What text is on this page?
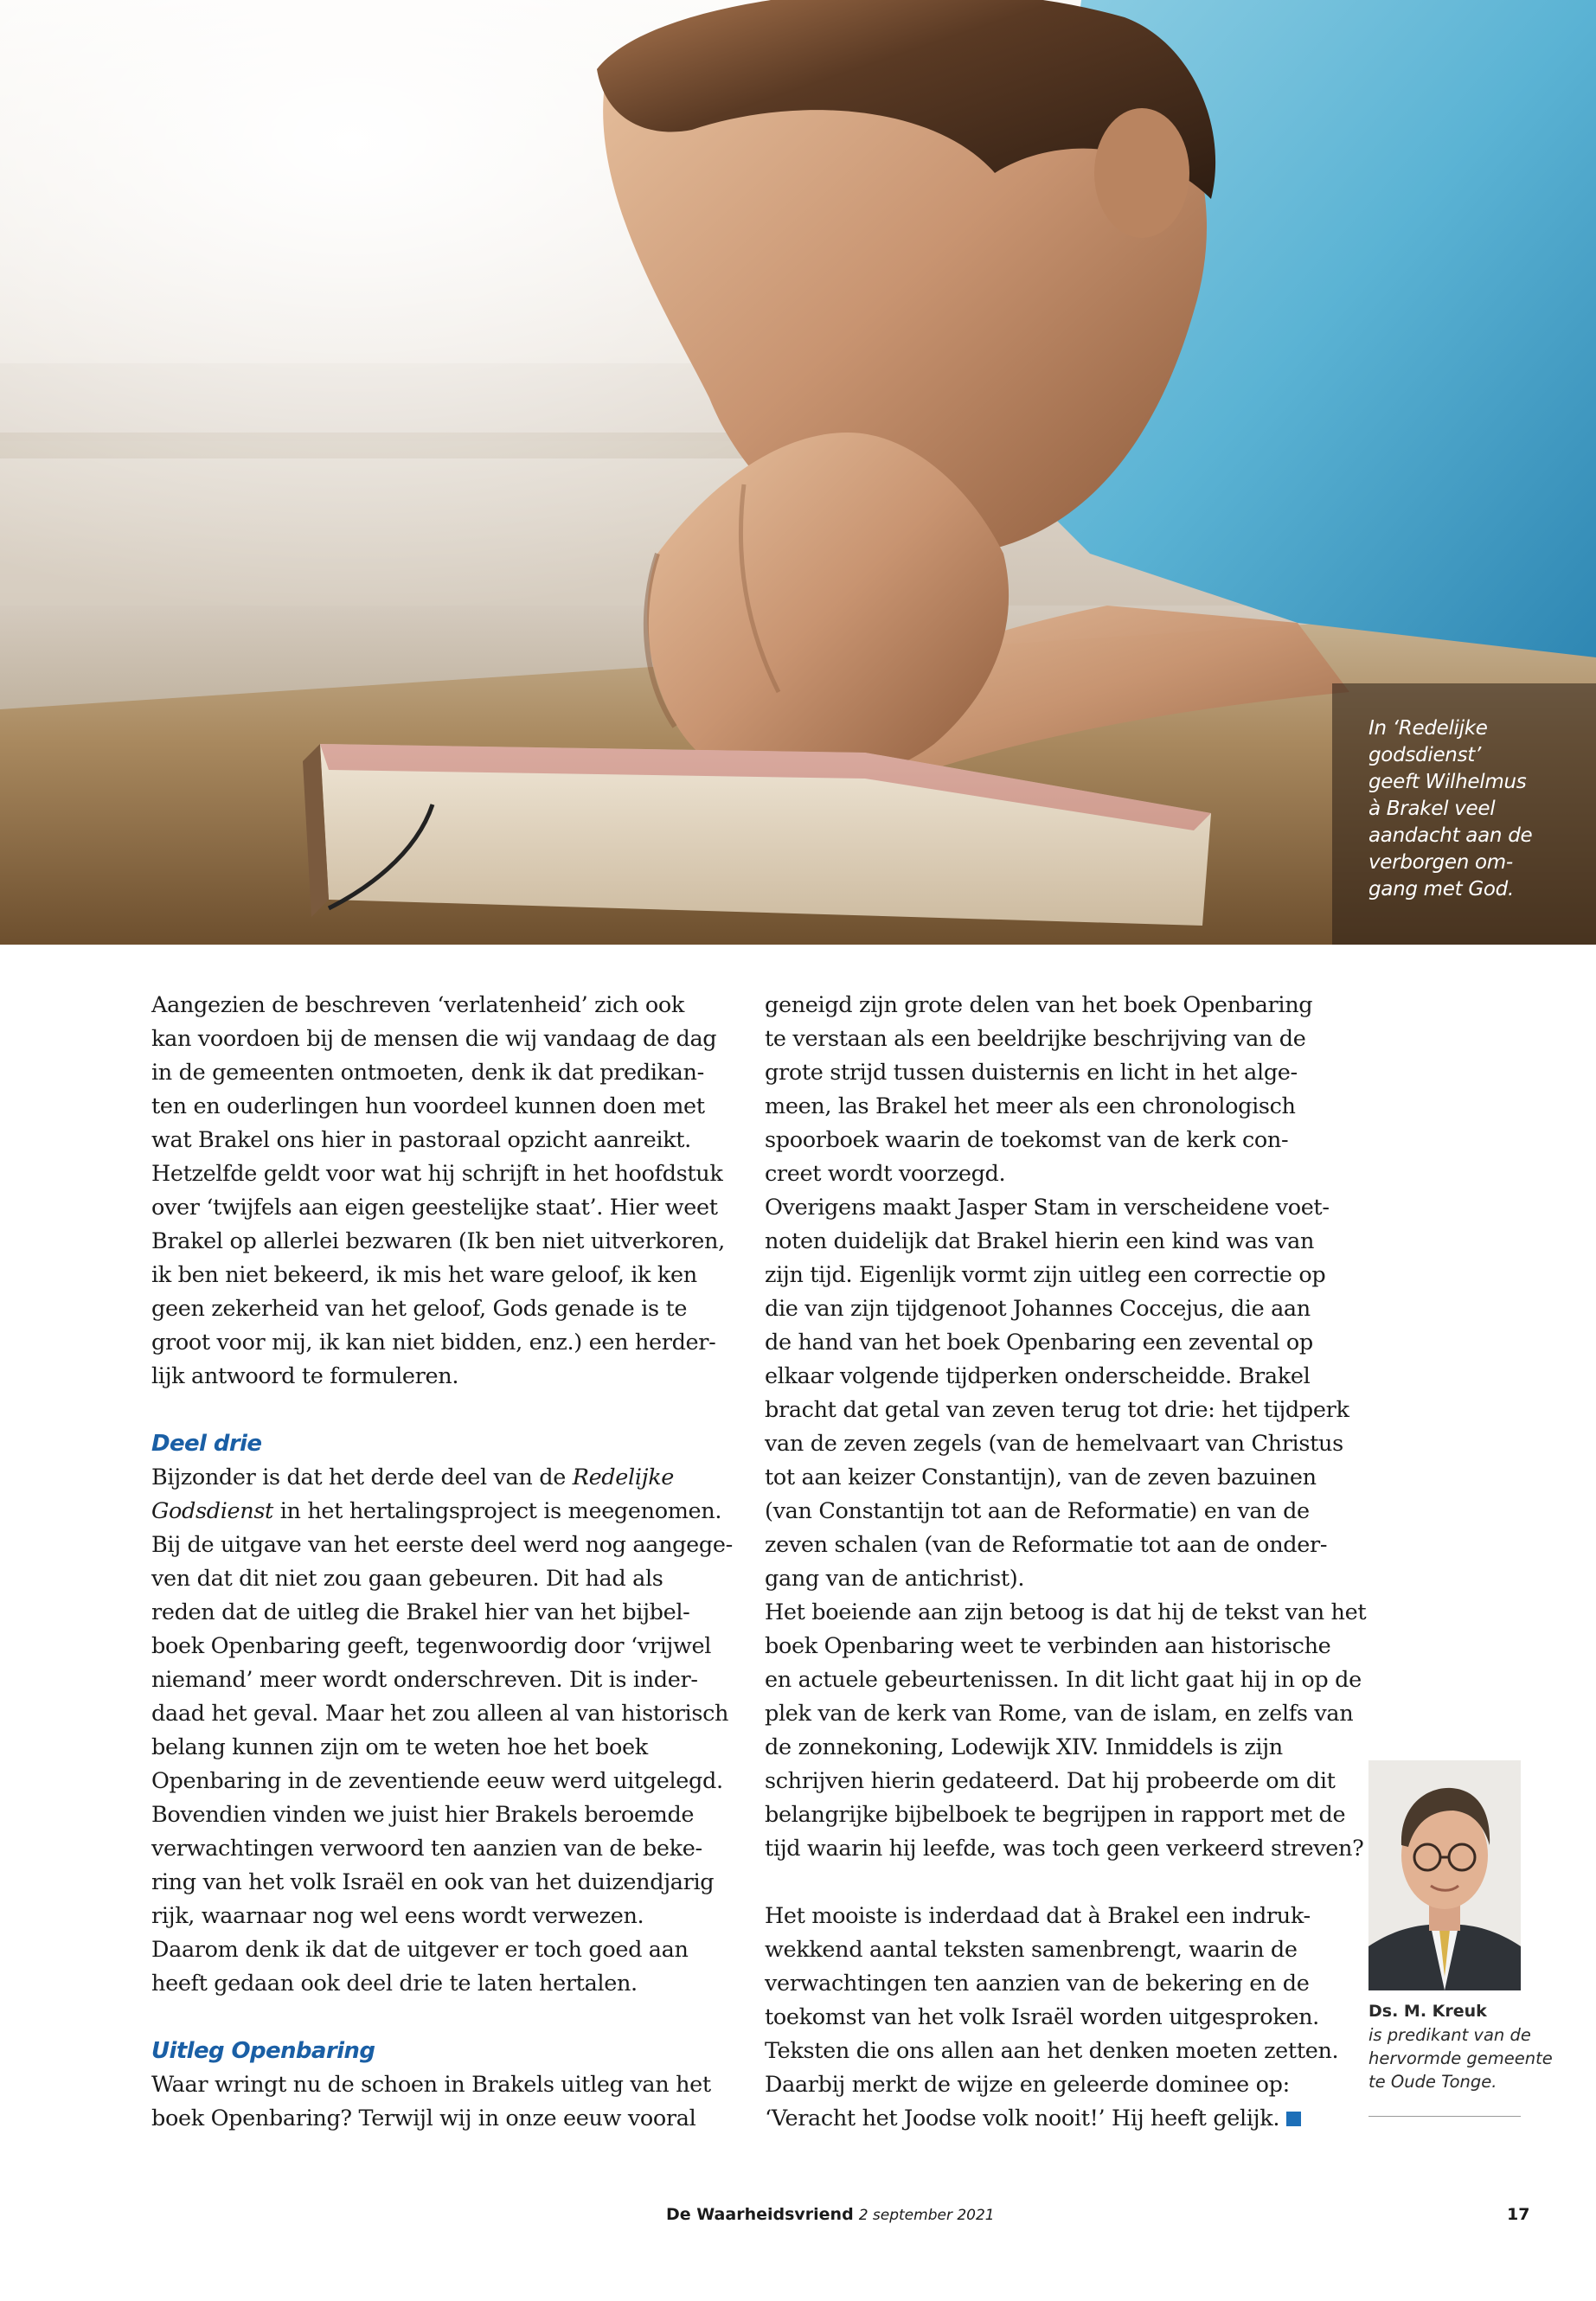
In ‘Redelijke
godsdienst’
geeft Wilhelmus
à Brakel veel
aandacht aan de
verborgen om-
gang met God.
Aangezien de beschreven ‘verlatenheid’ zich ook
kan voordoen bij de mensen die wij vandaag de dag
in de gemeenten ontmoeten, denk ik dat predikan-
ten en ouderlingen hun voordeel kunnen doen met
wat Brakel ons hier in pastoraal opzicht aanreikt.
Hetzelfde geldt voor wat hij schrijft in het hoofdstuk
over ‘twijfels aan eigen geestelijke staat’. Hier weet
Brakel op allerlei bezwaren (Ik ben niet uitverkoren,
ik ben niet bekeerd, ik mis het ware geloof, ik ken
geen zekerheid van het geloof, Gods genade is te
groot voor mij, ik kan niet bidden, enz.) een herder-
lijk antwoord te formuleren.
Deel drie
Bijzonder is dat het derde deel van de Redelijke
Godsdienst in het hertalingsproject is meegenomen.
Bij de uitgave van het eerste deel werd nog aangege-
ven dat dit niet zou gaan gebeuren. Dit had als
reden dat de uitleg die Brakel hier van het bijbel-
boek Openbaring geeft, tegenwoordig door ‘vrijwel
niemand’ meer wordt onderschreven. Dit is inder-
daad het geval. Maar het zou alleen al van historisch
belang kunnen zijn om te weten hoe het boek
Openbaring in de zeventiende eeuw werd uitgelegd.
Bovendien vinden we juist hier Brakels beroemde
verwachtingen verwoord ten aanzien van de beke-
ring van het volk Israël en ook van het duizendjarig
rijk, waarnaar nog wel eens wordt verwezen.
Daarom denk ik dat de uitgever er toch goed aan
heeft gedaan ook deel drie te laten hertalen.
Uitleg Openbaring
Waar wringt nu de schoen in Brakels uitleg van het
boek Openbaring? Terwijl wij in onze eeuw vooral
geneigd zijn grote delen van het boek Openbaring
te verstaan als een beeldrijke beschrijving van de
grote strijd tussen duisternis en licht in het alge-
meen, las Brakel het meer als een chronologisch
spoorboek waarin de toekomst van de kerk con-
creet wordt voorzegd.
Overigens maakt Jasper Stam in verscheidene voet-
noten duidelijk dat Brakel hierin een kind was van
zijn tijd. Eigenlijk vormt zijn uitleg een correctie op
die van zijn tijdgenoot Johannes Coccejus, die aan
de hand van het boek Openbaring een zevental op
elkaar volgende tijdperken onderscheidde. Brakel
bracht dat getal van zeven terug tot drie: het tijdperk
van de zeven zegels (van de hemelvaart van Christus
tot aan keizer Constantijn), van de zeven bazuinen
(van Constantijn tot aan de Reformatie) en van de
zeven schalen (van de Reformatie tot aan de onder-
gang van de antichrist).
Het boeiende aan zijn betoog is dat hij de tekst van het
boek Openbaring weet te verbinden aan historische
en actuele gebeurtenissen. In dit licht gaat hij in op de
plek van de kerk van Rome, van de islam, en zelfs van
de zonnekoning, Lodewijk XIV. Inmiddels is zijn
schrijven hierin gedateerd. Dat hij probeerde om dit
belangrijke bijbelboek te begrijpen in rapport met de
tijd waarin hij leefde, was toch geen verkeerd streven?
Het mooiste is inderdaad dat à Brakel een indruk-
wekkend aantal teksten samenbrengt, waarin de
verwachtingen ten aanzien van de bekering en de
toekomst van het volk Israël worden uitgesproken.
Teksten die ons allen aan het denken moeten zetten.
Daarbij merkt de wijze en geleerde dominee op:
‘Veracht het Joodse volk nooit!’ Hij heeft gelijk.
Ds. M. Kreuk
is predikant van de
hervormde gemeente
te Oude Tonge.
De Waarheidsvriend 2 september 2021	17
